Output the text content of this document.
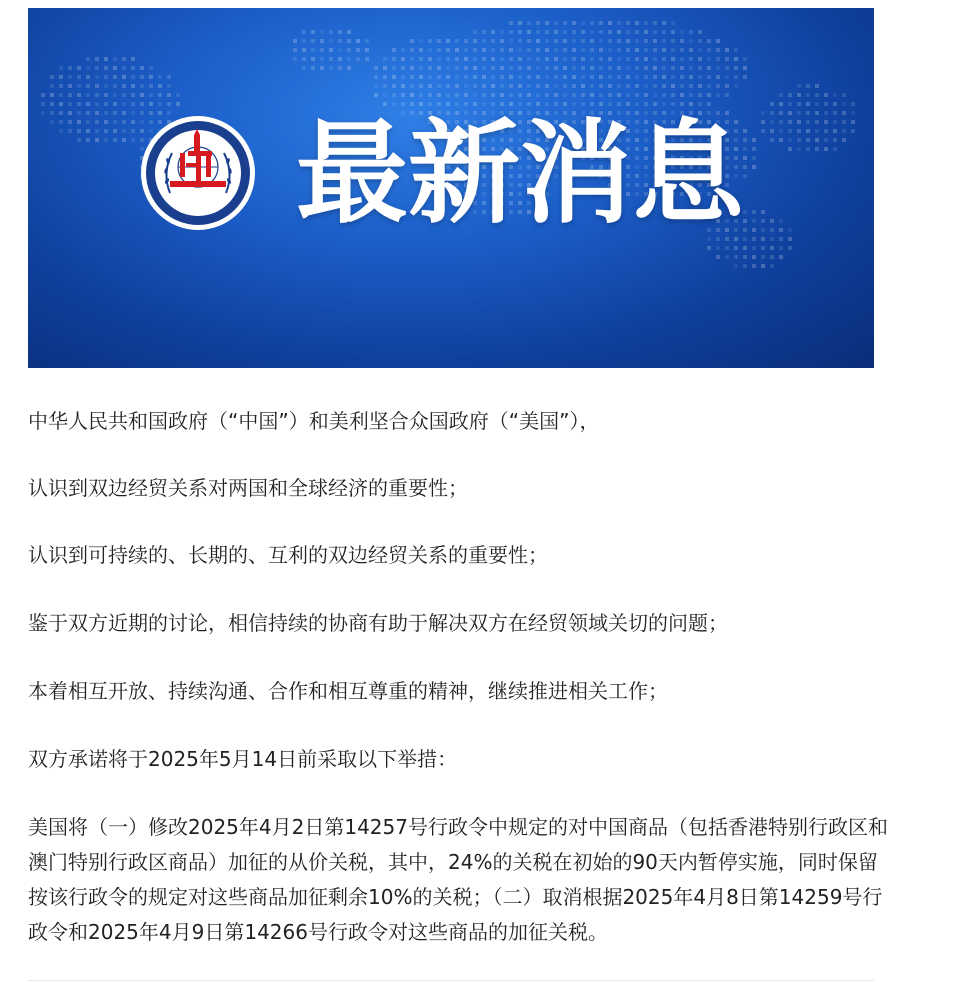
XINHUA 最新消息

中华人民共和国政府（“中国”）和美利坚合众国政府（“美国”），

认识到双边经贸关系对两国和全球经济的重要性；

认识到可持续的、长期的、互利的双边经贸关系的重要性；

鉴于双方近期的讨论，相信持续的协商有助于解决双方在经贸领域关切的问题；

本着相互开放、持续沟通、合作和相互尊重的精神，继续推进相关工作；

双方承诺将于2025年5月14日前采取以下举措：

美国将（一）修改2025年4月2日第14257号行政令中规定的对中国商品（包括香港特别行政区和澳门特别行政区商品）加征的从价关税，其中，24%的关税在初始的90天内暂停实施，同时保留按该行政令的规定对这些商品加征剩余10%的关税；（二）取消根据2025年4月8日第14259号行政令和2025年4月9日第14266号行政令对这些商品的加征关税。
